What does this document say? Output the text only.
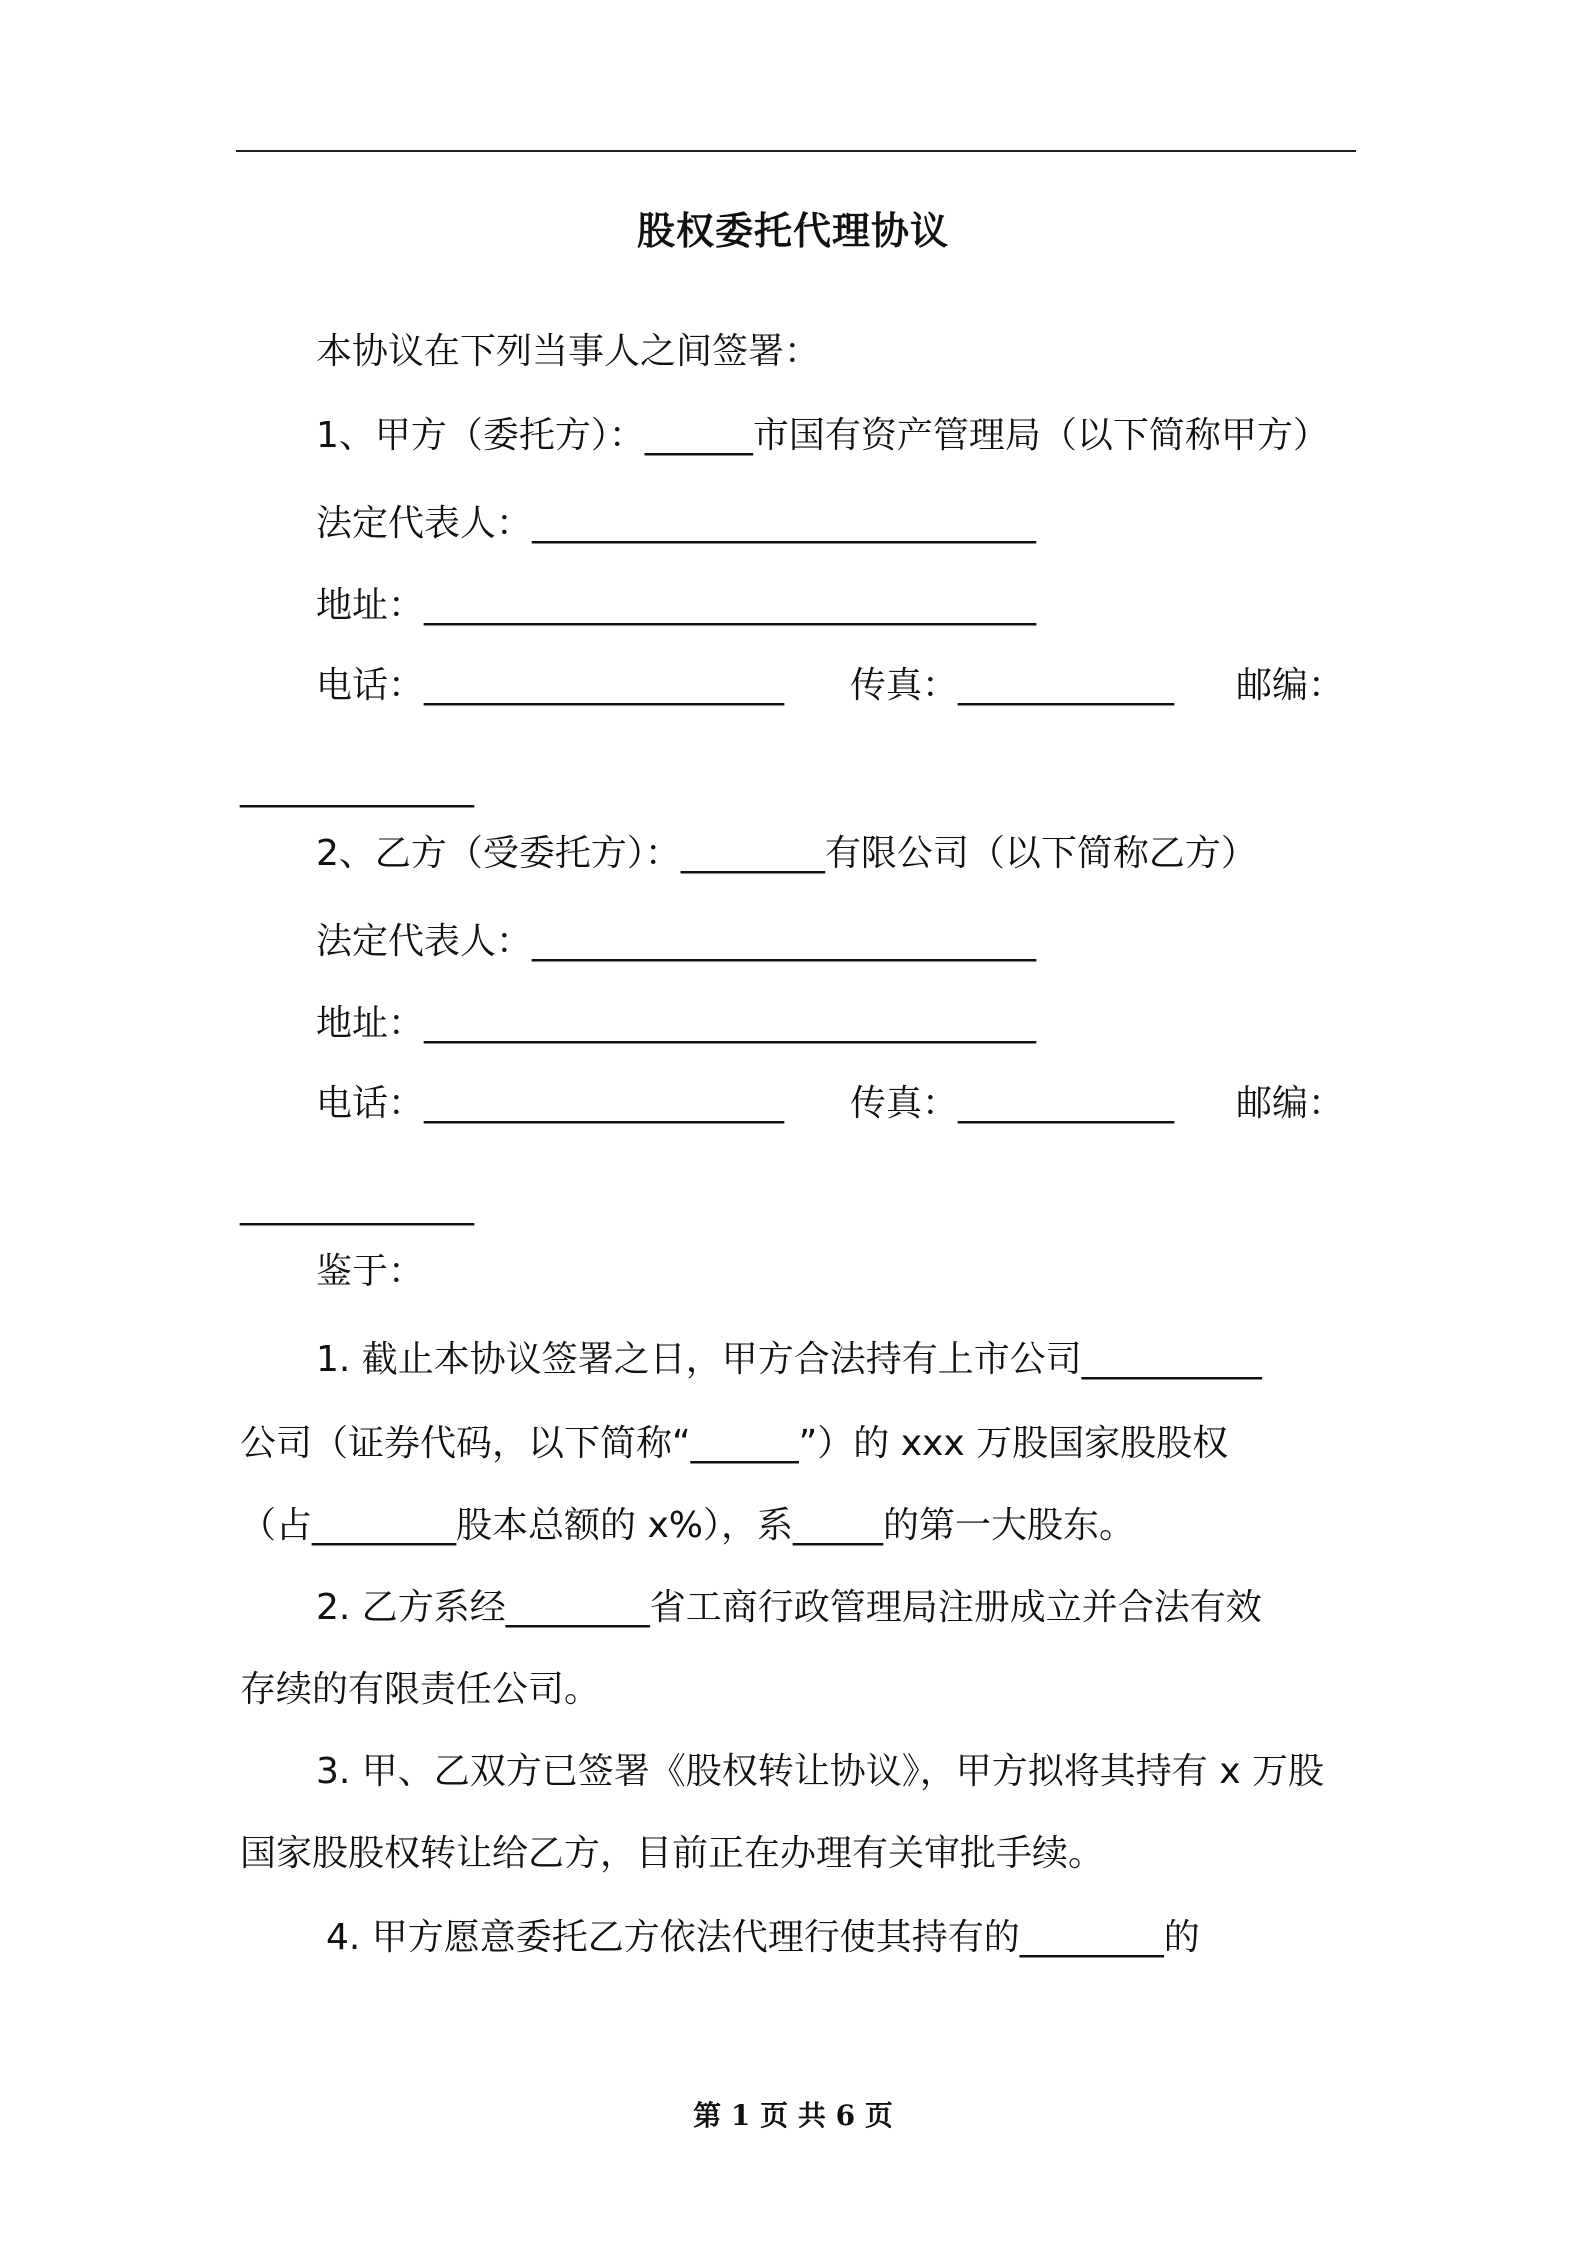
股权委托代理协议
本协议在下列当事人之间签署：
1、甲方（委托方）：______市国有资产管理局（以下简称甲方）
法定代表人：____________________________
地址：__________________________________
电话：____________________ 传真：____________ 邮编：
_____________
2、乙方（受委托方）：________有限公司（以下简称乙方）
法定代表人：____________________________
地址：__________________________________
电话：____________________ 传真：____________ 邮编：
_____________
鉴于：
1. 截止本协议签署之日，甲方合法持有上市公司__________
公司（证券代码，以下简称“______”）的 xxx 万股国家股股权
（占________股本总额的 x%），系_____的第一大股东。
2. 乙方系经________省工商行政管理局注册成立并合法有效
存续的有限责任公司。
3. 甲、乙双方已签署《股权转让协议》，甲方拟将其持有 x 万股
国家股股权转让给乙方，目前正在办理有关审批手续。
4. 甲方愿意委托乙方依法代理行使其持有的________的
第 1 页 共 6 页
